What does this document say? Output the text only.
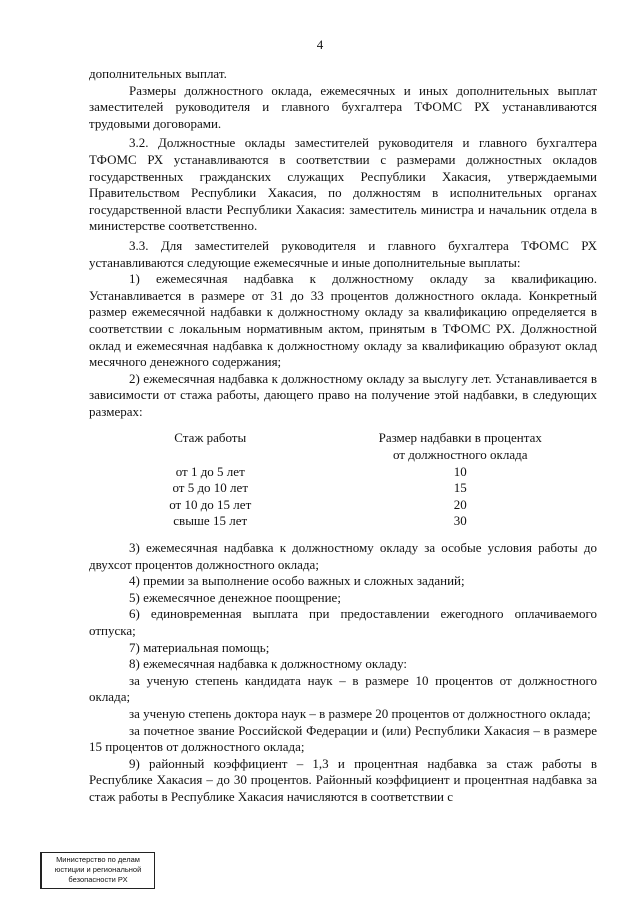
4

дополнительных выплат.

Размеры должностного оклада, ежемесячных и иных дополнительных выплат заместителей руководителя и главного бухгалтера ТФОМС РХ устанавливаются трудовыми договорами.

3.2. Должностные оклады заместителей руководителя и главного бухгалтера ТФОМС РХ устанавливаются в соответствии с размерами должностных окладов государственных гражданских служащих Республики Хакасия, утверждаемыми Правительством Республики Хакасия, по должностям в исполнительных органах государственной власти Республики Хакасия: заместитель министра и начальник отдела в министерстве соответственно.

3.3. Для заместителей руководителя и главного бухгалтера ТФОМС РХ устанавливаются следующие ежемесячные и иные дополнительные выплаты:

1) ежемесячная надбавка к должностному окладу за квалификацию. Устанавливается в размере от 31 до 33 процентов должностного оклада. Конкретный размер ежемесячной надбавки к должностному окладу за квалификацию определяется в соответствии с локальным нормативным актом, принятым в ТФОМС РХ. Должностной оклад и ежемесячная надбавка к должностному окладу за квалификацию образуют оклад месячного денежного содержания;

2) ежемесячная надбавка к должностному окладу за выслугу лет. Устанавливается в зависимости от стажа работы, дающего право на получение этой надбавки, в следующих размерах:

Стаж работы	Размер надбавки в процентах
от должностного оклада
от 1 до 5 лет	10
от 5 до 10 лет	15
от 10 до 15 лет	20
свыше 15 лет	30

3) ежемесячная надбавка к должностному окладу за особые условия работы до двухсот процентов должностного оклада;

4) премии за выполнение особо важных и сложных заданий;

5) ежемесячное денежное поощрение;

6) единовременная выплата при предоставлении ежегодного оплачиваемого отпуска;

7) материальная помощь;

8) ежемесячная надбавка к должностному окладу:

за ученую степень кандидата наук – в размере 10 процентов от должностного оклада;

за ученую степень доктора наук – в размере 20 процентов от должностного оклада;

за почетное звание Российской Федерации и (или) Республики Хакасия – в размере 15 процентов от должностного оклада;

9) районный коэффициент – 1,3 и процентная надбавка за стаж работы в Республике Хакасия – до 30 процентов. Районный коэффициент и процентная надбавка за стаж работы в Республике Хакасия начисляются в соответствии с

Министерство по делам
юстиции и региональной
безопасности РХ
